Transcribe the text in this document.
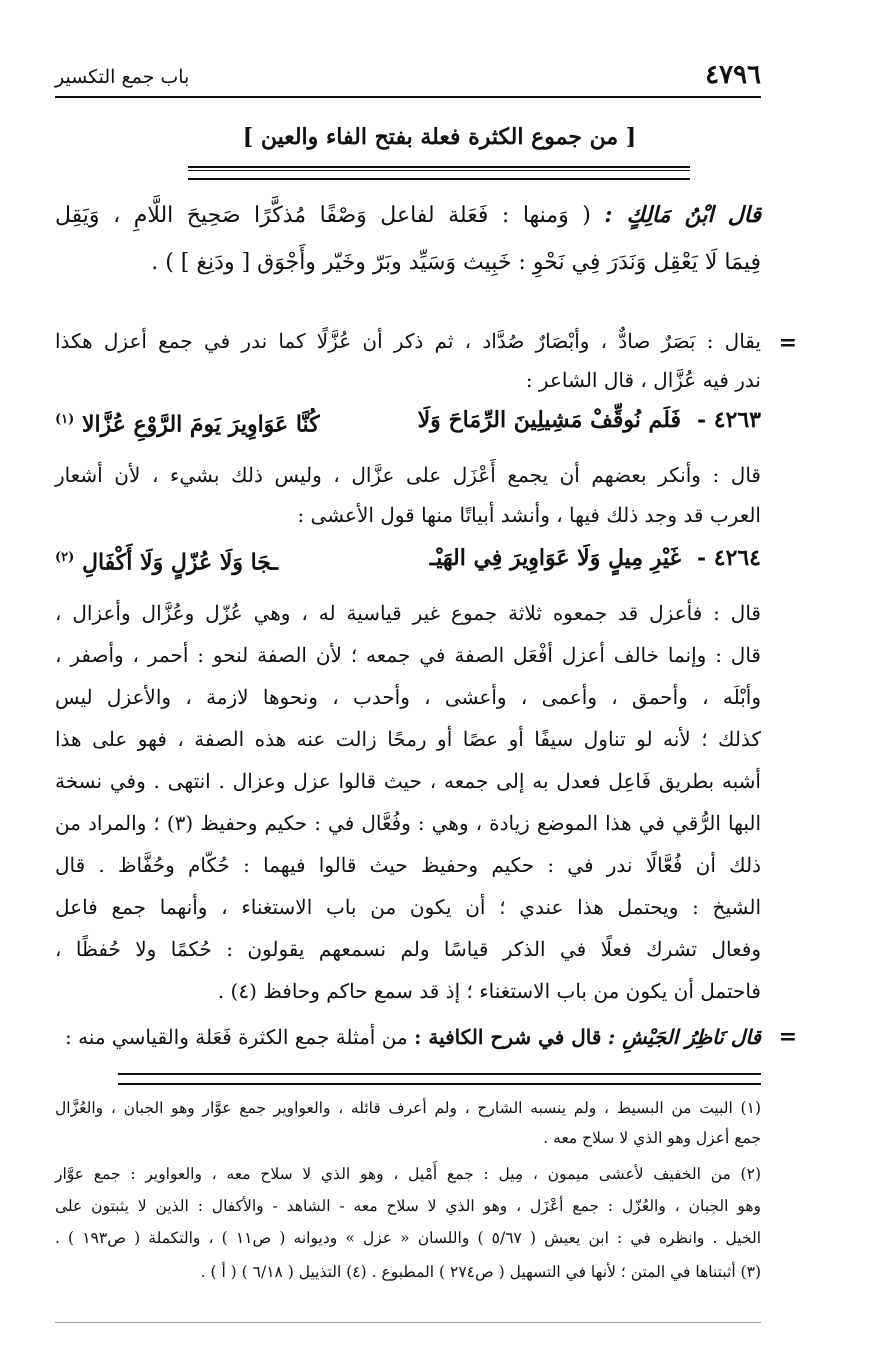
٤٧٩٦
باب جمع التكسير
[ من جموع الكثرة فعلة بفتح الفاء والعين ]
قال ابْنُ مَالِكٍ : ( وَمنها : فَعَلة لفاعل وَصْفًا مُذكَّرًا صَحِيحَ اللَّامِ ، وَيَقِل
فِيمَا لَا يَعْقِل وَنَدَرَ فِي نَحْوِ : خَبِيث وَسَيِّد وبَرّ وخَيّر وأَجْوَق [ ودَنِغ ] ) .
=
يقال : بَصَرٌ صادٌّ ، وأبْصَارٌ صُدَّاد ، ثم ذكر أن عُزَّلًا كما ندر في جمع أعزل هكذا
ندر فيه عُزَّال ، قال الشاعر :
٤٢٦٣ -
فَلَم نُوقِّفْ مَشِيلِينَ الرِّمَاحَ وَلَا
كُنَّا عَوَاوِيرَ يَومَ الرَّوْعِ عُزَّالا $^{(١)}$
قال : وأنكر بعضهم أن يجمع أَعْزَل على عزَّال ، وليس ذلك بشيء ، لأن أشعار
العرب قد وجد ذلك فيها ، وأنشد أبياتًا منها قول الأعشى :
٤٢٦٤ -
غَيْرِ مِيلٍ وَلَا عَوَاوِيرَ فِي الهَيْـ
ـجَا وَلَا عُزّلٍ وَلَا أَكْفَالِ $^{(٢)}$
قال : فأعزل قد جمعوه ثلاثة جموع غير قياسية له ، وهي عُزّل وعُزَّال وأعزال ،
قال : وإنما خالف أعزل أفْعَل الصفة في جمعه ؛ لأن الصفة لنحو : أحمر ، وأصفر ،
وأبْلَه ، وأحمق ، وأعمى ، وأعشى ، وأحدب ، ونحوها لازمة ، والأعزل ليس
كذلك ؛ لأنه لو تناول سيفًا أو عصًا أو رمحًا زالت عنه هذه الصفة ، فهو على هذا
أشبه بطريق فَاعِل فعدل به إلى جمعه ، حيث قالوا عزل وعزال . انتهى . وفي نسخة
البها الرُّقي في هذا الموضع زيادة ، وهي : وفُعَّال في : حكيم وحفيظ (٣) ؛ والمراد من
ذلك أن فُعَّالًا ندر في : حكيم وحفيظ حيث قالوا فيهما : حُكّام وحُفَّاظ . قال
الشيخ : ويحتمل هذا عندي ؛ أن يكون من باب الاستغناء ، وأنهما جمع فاعل
وفعال تشرك فعلًا في الذكر قياسًا ولم نسمعهم يقولون : حُكمًا ولا حُفظًا ،
فاحتمل أن يكون من باب الاستغناء ؛ إذ قد سمع حاكم وحافظ (٤) .
قال نَاظِرُ الجَيْشِ : قال في شرح الكافية : من أمثلة جمع الكثرة فَعَلة والقياسي منه :	=
(١) البيت من البسيط ، ولم ينسبه الشارح ، ولم أعرف قائله ، والعواوير جمع عوَّار وهو الجبان ، والعُزَّال
جمع أعزل وهو الذي لا سلاح معه .
(٢) من الخفيف لأعشى ميمون ، مِيل : جمع أَمْيل ، وهو الذي لا سلاح معه ، والعواوير : جمع عوَّار
وهو الجبان ، والعُزّل : جمع أعْزَل ، وهو الذي لا سلاح معه - الشاهد - والأكفال : الذين لا يثبتون على
الخيل . وانظره في : ابن يعيش ( ٥/٦٧ ) واللسان « عزل » وديوانه ( ص١١ ) ، والتكملة ( ص١٩٣ ) .
(٣) أثبتناها في المتن ؛ لأنها في التسهيل ( ص٢٧٤ ) المطبوع . (٤) التذييل ( ٦/١٨ ) ( أ ) .
